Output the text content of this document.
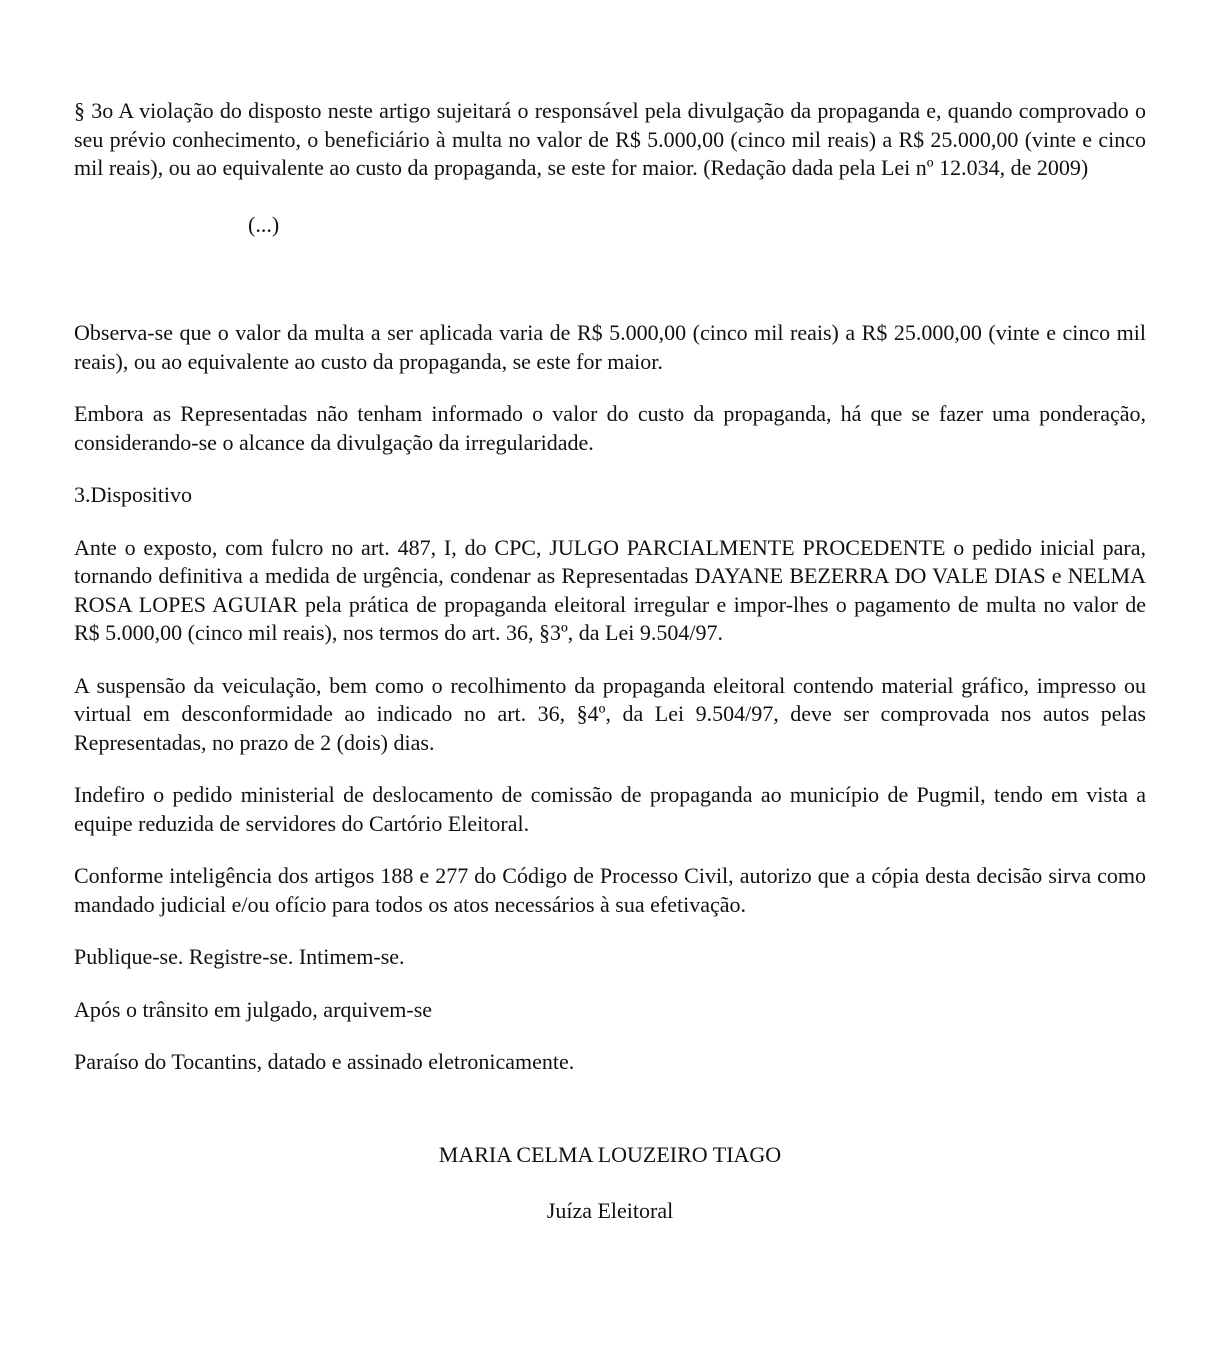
§ 3o A violação do disposto neste artigo sujeitará o responsável pela divulgação da propaganda e, quando comprovado o seu prévio conhecimento, o beneficiário à multa no valor de R$ 5.000,00 (cinco mil reais) a R$ 25.000,00 (vinte e cinco mil reais), ou ao equivalente ao custo da propaganda, se este for maior. (Redação dada pela Lei nº 12.034, de 2009)

(...)

Observa-se que o valor da multa a ser aplicada varia de R$ 5.000,00 (cinco mil reais) a R$ 25.000,00 (vinte e cinco mil reais), ou ao equivalente ao custo da propaganda, se este for maior.

Embora as Representadas não tenham informado o valor do custo da propaganda, há que se fazer uma ponderação, considerando-se o alcance da divulgação da irregularidade.

3.Dispositivo

Ante o exposto, com fulcro no art. 487, I, do CPC, JULGO PARCIALMENTE PROCEDENTE o pedido inicial para, tornando definitiva a medida de urgência, condenar as Representadas DAYANE BEZERRA DO VALE DIAS e NELMA ROSA LOPES AGUIAR pela prática de propaganda eleitoral irregular e impor-lhes o pagamento de multa no valor de R$ 5.000,00 (cinco mil reais), nos termos do art. 36, §3º, da Lei 9.504/97.

A suspensão da veiculação, bem como o recolhimento da propaganda eleitoral contendo material gráfico, impresso ou virtual em desconformidade ao indicado no art. 36, §4º, da Lei 9.504/97, deve ser comprovada nos autos pelas Representadas, no prazo de 2 (dois) dias.

Indefiro o pedido ministerial de deslocamento de comissão de propaganda ao município de Pugmil, tendo em vista a equipe reduzida de servidores do Cartório Eleitoral.

Conforme inteligência dos artigos 188 e 277 do Código de Processo Civil, autorizo que a cópia desta decisão sirva como mandado judicial e/ou ofício para todos os atos necessários à sua efetivação.

Publique-se. Registre-se. Intimem-se.

Após o trânsito em julgado, arquivem-se

Paraíso do Tocantins, datado e assinado eletronicamente.

MARIA CELMA LOUZEIRO TIAGO

Juíza Eleitoral
